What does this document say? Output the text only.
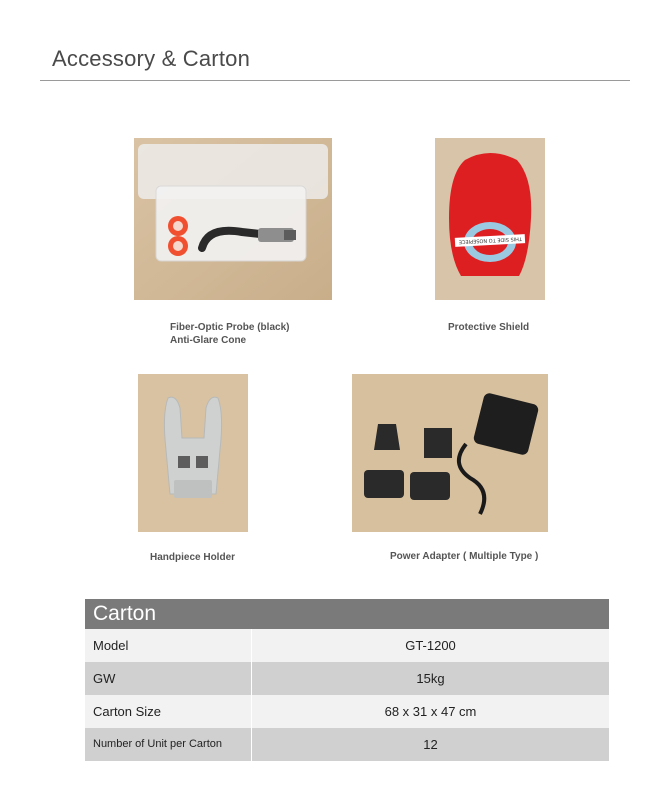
Accessory & Carton
THIS SIDE TO NOSEPIECE
Fiber-Optic Probe (black)
Anti-Glare Cone
Protective Shield
Handpiece Holder	Power Adapter ( Multiple Type )
Carton
Model	GT-1200
GW	15kg
Carton Size	68 x 31 x 47 cm
Number of Unit per Carton	12
